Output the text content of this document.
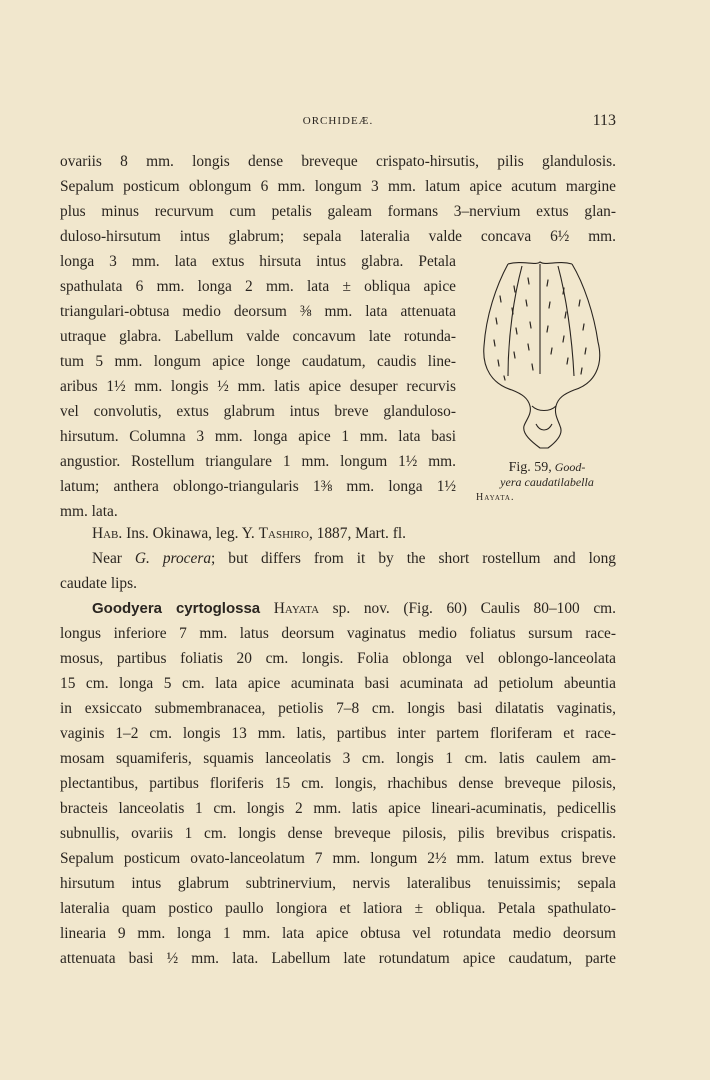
ORCHIDEÆ.	113
ovariis 8 mm. longis dense breveque crispato-hirsutis, pilis glandulosis.
Sepalum posticum oblongum 6 mm. longum 3 mm. latum apice acutum margine
plus minus recurvum cum petalis galeam formans 3–nervium extus glan-
duloso-hirsutum intus glabrum; sepala lateralia valde concava 6½ mm.
longa 3 mm. lata extus hirsuta intus glabra. Petala
spathulata 6 mm. longa 2 mm. lata ± obliqua apice
triangulari-obtusa medio deorsum ⅜ mm. lata attenuata
utraque glabra. Labellum valde concavum late rotunda-
tum 5 mm. longum apice longe caudatum, caudis line-
aribus 1½ mm. longis ½ mm. latis apice desuper recurvis
vel convolutis, extus glabrum intus breve glanduloso-
hirsutum. Columna 3 mm. longa apice 1 mm. lata basi
angustior. Rostellum triangulare 1 mm. longum 1½ mm.
latum; anthera oblongo-triangularis 1⅜ mm. longa 1½
mm. lata.
Fig. 59, Good-
yera caudatilabella
Hayata.
Hab. Ins. Okinawa, leg. Y. Tashiro, 1887, Mart. fl.
Near G. procera; but differs from it by the short rostellum and long
caudate lips.
Goodyera cyrtoglossa Hayata sp. nov. (Fig. 60) Caulis 80–100 cm.
longus inferiore 7 mm. latus deorsum vaginatus medio foliatus sursum race-
mosus, partibus foliatis 20 cm. longis. Folia oblonga vel oblongo-lanceolata
15 cm. longa 5 cm. lata apice acuminata basi acuminata ad petiolum abeuntia
in exsiccato submembranacea, petiolis 7–8 cm. longis basi dilatatis vaginatis,
vaginis 1–2 cm. longis 13 mm. latis, partibus inter partem floriferam et race-
mosam squamiferis, squamis lanceolatis 3 cm. longis 1 cm. latis caulem am-
plectantibus, partibus floriferis 15 cm. longis, rhachibus dense breveque pilosis,
bracteis lanceolatis 1 cm. longis 2 mm. latis apice lineari-acuminatis, pedicellis
subnullis, ovariis 1 cm. longis dense breveque pilosis, pilis brevibus crispatis.
Sepalum posticum ovato-lanceolatum 7 mm. longum 2½ mm. latum extus breve
hirsutum intus glabrum subtrinervium, nervis lateralibus tenuissimis; sepala
lateralia quam postico paullo longiora et latiora ± obliqua. Petala spathulato-
linearia 9 mm. longa 1 mm. lata apice obtusa vel rotundata medio deorsum
attenuata basi ½ mm. lata. Labellum late rotundatum apice caudatum, parte
